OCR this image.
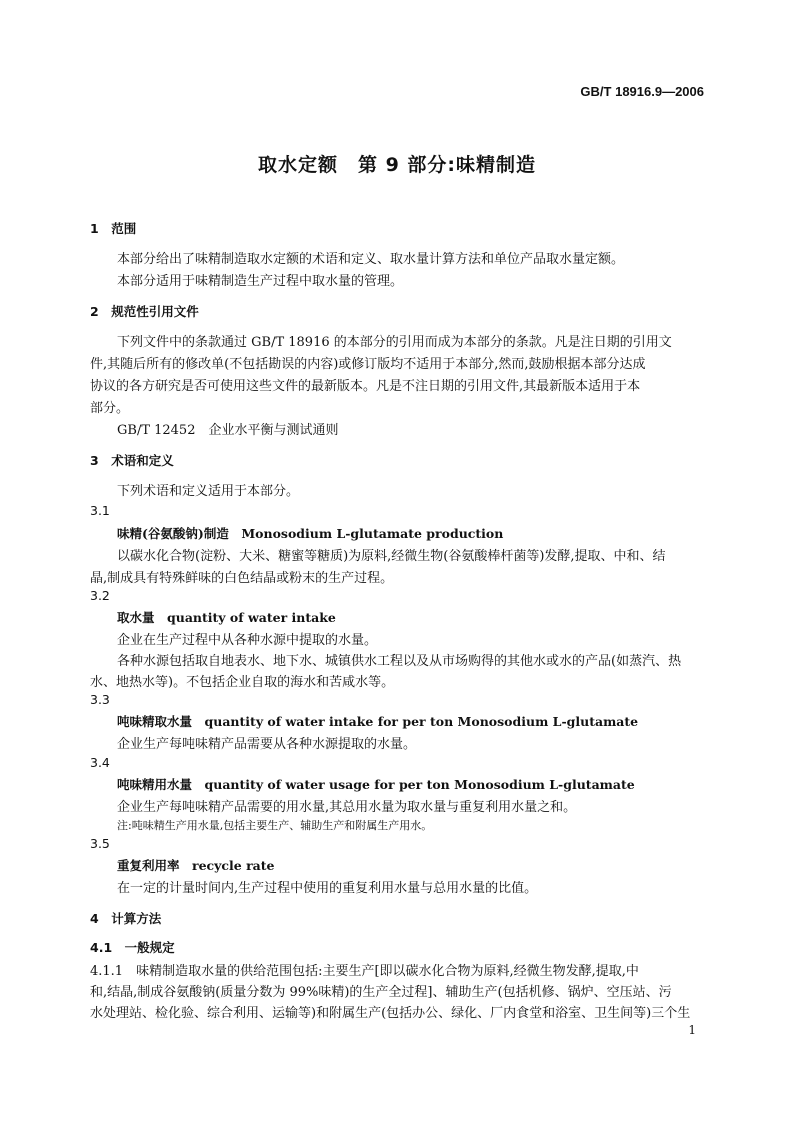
GB/T 18916.9—2006
取水定额　第 9 部分:味精制造
1　范围
本部分给出了味精制造取水定额的术语和定义、取水量计算方法和单位产品取水量定额。
本部分适用于味精制造生产过程中取水量的管理。
2　规范性引用文件
下列文件中的条款通过 GB/T 18916 的本部分的引用而成为本部分的条款。凡是注日期的引用文
件,其随后所有的修改单(不包括勘误的内容)或修订版均不适用于本部分,然而,鼓励根据本部分达成
协议的各方研究是否可使用这些文件的最新版本。凡是不注日期的引用文件,其最新版本适用于本
部分。
GB/T 12452　企业水平衡与测试通则
3　术语和定义
下列术语和定义适用于本部分。
3.1
味精(谷氨酸钠)制造　Monosodium L-glutamate production
以碳水化合物(淀粉、大米、糖蜜等糖质)为原料,经微生物(谷氨酸棒杆菌等)发酵,提取、中和、结
晶,制成具有特殊鲜味的白色结晶或粉末的生产过程。
3.2
取水量　quantity of water intake
企业在生产过程中从各种水源中提取的水量。
各种水源包括取自地表水、地下水、城镇供水工程以及从市场购得的其他水或水的产品(如蒸汽、热
水、地热水等)。不包括企业自取的海水和苦咸水等。
3.3
吨味精取水量　quantity of water intake for per ton Monosodium L-glutamate
企业生产每吨味精产品需要从各种水源提取的水量。
3.4
吨味精用水量　quantity of water usage for per ton Monosodium L-glutamate
企业生产每吨味精产品需要的用水量,其总用水量为取水量与重复利用水量之和。
注:吨味精生产用水量,包括主要生产、辅助生产和附属生产用水。
3.5
重复利用率　recycle rate
在一定的计量时间内,生产过程中使用的重复利用水量与总用水量的比值。
4　计算方法
4.1　一般规定
4.1.1　味精制造取水量的供给范围包括:主要生产[即以碳水化合物为原料,经微生物发酵,提取,中
和,结晶,制成谷氨酸钠(质量分数为 99%味精)的生产全过程]、辅助生产(包括机修、锅炉、空压站、污
水处理站、检化验、综合利用、运输等)和附属生产(包括办公、绿化、厂内食堂和浴室、卫生间等)三个生
1
